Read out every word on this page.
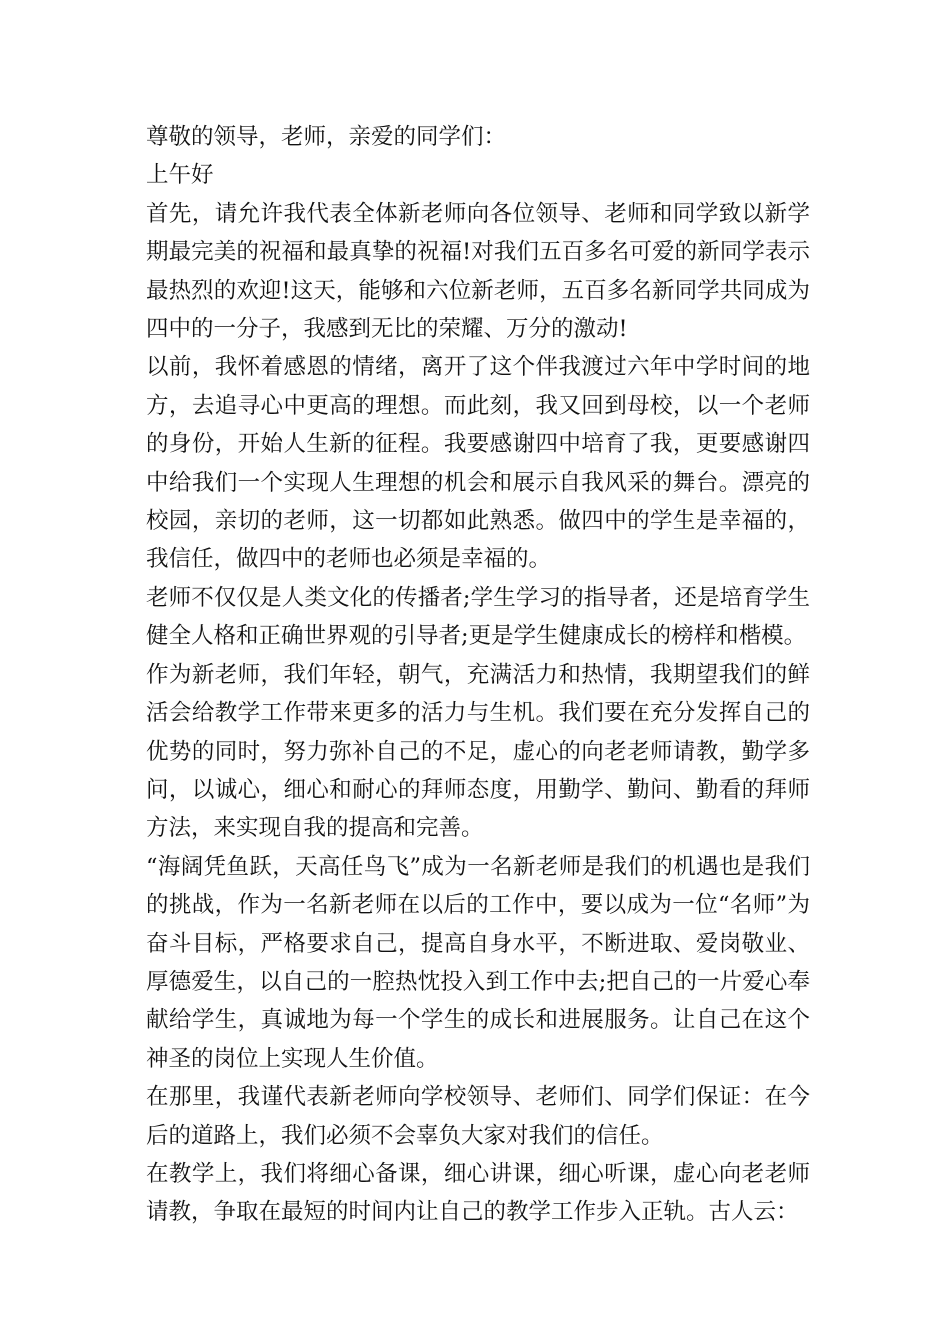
尊敬的领导，老师，亲爱的同学们：

上午好

首先，请允许我代表全体新老师向各位领导、老师和同学致以新学期最完美的祝福和最真挚的祝福!对我们五百多名可爱的新同学表示最热烈的欢迎!这天，能够和六位新老师，五百多名新同学共同成为四中的一分子，我感到无比的荣耀、万分的激动!

以前，我怀着感恩的情绪，离开了这个伴我渡过六年中学时间的地方，去追寻心中更高的理想。而此刻，我又回到母校，以一个老师的身份，开始人生新的征程。我要感谢四中培育了我，更要感谢四中给我们一个实现人生理想的机会和展示自我风采的舞台。漂亮的校园，亲切的老师，这一切都如此熟悉。做四中的学生是幸福的，我信任，做四中的老师也必须是幸福的。

老师不仅仅是人类文化的传播者;学生学习的指导者，还是培育学生健全人格和正确世界观的引导者;更是学生健康成长的榜样和楷模。

作为新老师，我们年轻，朝气，充满活力和热情，我期望我们的鲜活会给教学工作带来更多的活力与生机。我们要在充分发挥自己的优势的同时，努力弥补自己的不足，虚心的向老老师请教，勤学多问，以诚心，细心和耐心的拜师态度，用勤学、勤问、勤看的拜师方法，来实现自我的提高和完善。

“海阔凭鱼跃，天高任鸟飞”成为一名新老师是我们的机遇也是我们的挑战，作为一名新老师在以后的工作中，要以成为一位“名师”为奋斗目标，严格要求自己，提高自身水平，不断进取、爱岗敬业、厚德爱生，以自己的一腔热忱投入到工作中去;把自己的一片爱心奉献给学生，真诚地为每一个学生的成长和进展服务。让自己在这个神圣的岗位上实现人生价值。

在那里，我谨代表新老师向学校领导、老师们、同学们保证：在今后的道路上，我们必须不会辜负大家对我们的信任。

在教学上，我们将细心备课，细心讲课，细心听课，虚心向老老师请教，争取在最短的时间内让自己的教学工作步入正轨。古人云：
